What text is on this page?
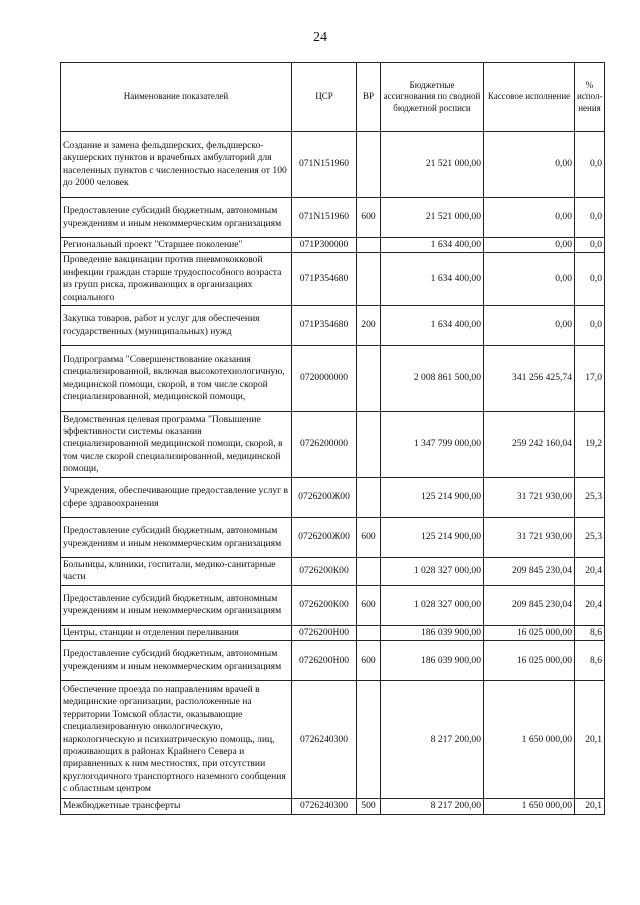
24
Наименование показателей	ЦСР	ВР	Бюджетные ассигнования по сводной бюджетной росписи	Кассовое исполнение	% испол-нения
Создание и замена фельдшерских, фельдшерско-акушерских пунктов и врачебных амбулаторий для населенных пунктов с численностью населения от 100 до 2000 человек	071N151960		21 521 000,00	0,00	0,0
Предоставление субсидий бюджетным, автономным учреждениям и иным некоммерческим организациям	071N151960	600	21 521 000,00	0,00	0,0
Региональный проект "Старшее поколение"	071P300000		1 634 400,00	0,00	0,0
Проведение вакцинации против пневмококковой инфекции граждан старше трудоспособного возраста из групп риска, проживающих в организациях социального	071P354680		1 634 400,00	0,00	0,0
Закупка товаров, работ и услуг для обеспечения государственных (муниципальных) нужд	071P354680	200	1 634 400,00	0,00	0,0
Подпрограмма "Совершенствование оказания специализированной, включая высокотехнологичную, медицинской помощи, скорой, в том числе скорой специализированной, медицинской помощи,	0720000000		2 008 861 500,00	341 256 425,74	17,0
Ведомственная целевая программа "Повышение эффективности системы оказания специализированной медицинской помощи, скорой, в том числе скорой специализированной, медицинской помощи,	0726200000		1 347 799 000,00	259 242 160,04	19,2
Учреждения, обеспечивающие предоставление услуг в сфере здравоохранения	0726200Ж00		125 214 900,00	31 721 930,00	25,3
Предоставление субсидий бюджетным, автономным учреждениям и иным некоммерческим организациям	0726200Ж00	600	125 214 900,00	31 721 930,00	25,3
Больницы, клиники, госпитали, медико-санитарные части	0726200К00		1 028 327 000,00	209 845 230,04	20,4
Предоставление субсидий бюджетным, автономным учреждениям и иным некоммерческим организациям	0726200К00	600	1 028 327 000,00	209 845 230,04	20,4
Центры, станции и отделения переливания	0726200Н00		186 039 900,00	16 025 000,00	8,6
Предоставление субсидий бюджетным, автономным учреждениям и иным некоммерческим организациям	0726200Н00	600	186 039 900,00	16 025 000,00	8,6
Обеспечение проезда по направлениям врачей в медицинские организации, расположенные на территории Томской области, оказывающие специализированную онкологическую, наркологическую и психиатрическую помощь, лиц, проживающих в районах Крайнего Севера и приравненных к ним местностях, при отсутствии круглогодичного транспортного наземного сообщения с областным центром	0726240300		8 217 200,00	1 650 000,00	20,1
Межбюджетные трансферты	0726240300	500	8 217 200,00	1 650 000,00	20,1
